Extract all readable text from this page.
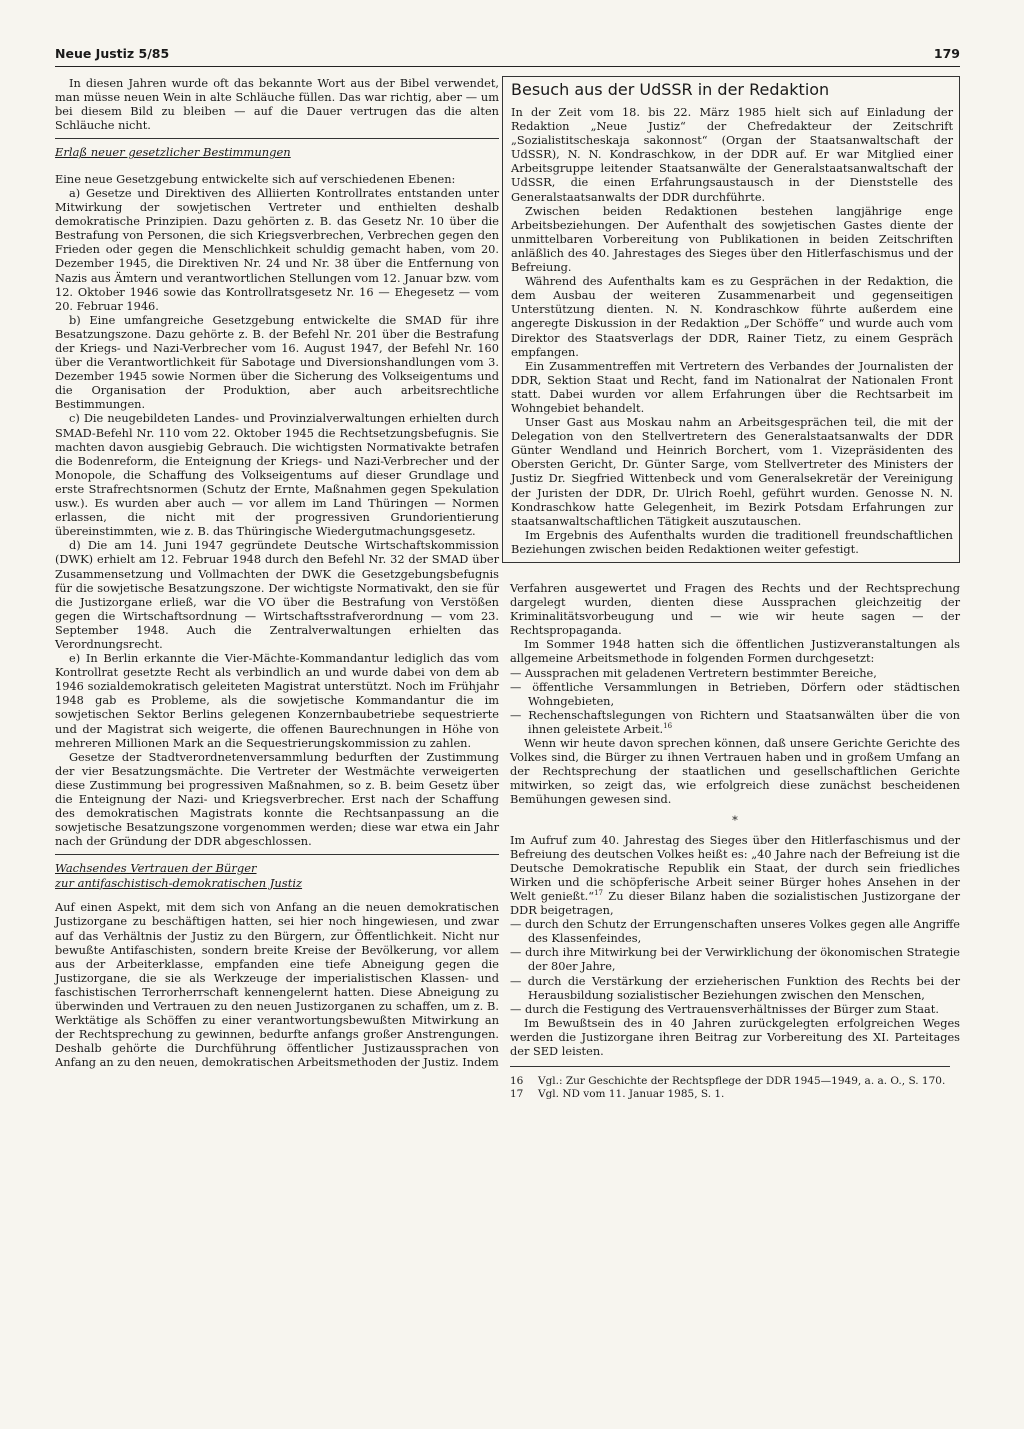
Neue Justiz 5/85	179

In diesen Jahren wurde oft das bekannte Wort aus der Bibel verwendet, man müsse neuen Wein in alte Schläuche füllen. Das war richtig, aber — um bei diesem Bild zu bleiben — auf die Dauer vertrugen das die alten Schläuche nicht.

Erlaß neuer gesetzlicher Bestimmungen

Eine neue Gesetzgebung entwickelte sich auf verschiedenen Ebenen:

a) Gesetze und Direktiven des Alliierten Kontrollrates entstanden unter Mitwirkung der sowjetischen Vertreter und enthielten deshalb demokratische Prinzipien. Dazu gehörten z. B. das Gesetz Nr. 10 über die Bestrafung von Personen, die sich Kriegsverbrechen, Verbrechen gegen den Frieden oder gegen die Menschlichkeit schuldig gemacht haben, vom 20. Dezember 1945, die Direktiven Nr. 24 und Nr. 38 über die Entfernung von Nazis aus Ämtern und verantwortlichen Stellungen vom 12. Januar bzw. vom 12. Oktober 1946 sowie das Kontrollratsgesetz Nr. 16 — Ehegesetz — vom 20. Februar 1946.

b) Eine umfangreiche Gesetzgebung entwickelte die SMAD für ihre Besatzungszone. Dazu gehörte z. B. der Befehl Nr. 201 über die Bestrafung der Kriegs- und Nazi-Verbrecher vom 16. August 1947, der Befehl Nr. 160 über die Verantwortlichkeit für Sabotage und Diversionshandlungen vom 3. Dezember 1945 sowie Normen über die Sicherung des Volkseigentums und die Organisation der Produktion, aber auch arbeitsrechtliche Bestimmungen.

c) Die neugebildeten Landes- und Provinzialverwaltungen erhielten durch SMAD-Befehl Nr. 110 vom 22. Oktober 1945 die Rechtsetzungsbefugnis. Sie machten davon ausgiebig Gebrauch. Die wichtigsten Normativakte betrafen die Bodenreform, die Enteignung der Kriegs- und Nazi-Verbrecher und der Monopole, die Schaffung des Volkseigentums auf dieser Grundlage und erste Strafrechtsnormen (Schutz der Ernte, Maßnahmen gegen Spekulation usw.). Es wurden aber auch — vor allem im Land Thüringen — Normen erlassen, die nicht mit der progressiven Grundorientierung übereinstimmten, wie z. B. das Thüringische Wiedergutmachungsgesetz.

d) Die am 14. Juni 1947 gegründete Deutsche Wirtschaftskommission (DWK) erhielt am 12. Februar 1948 durch den Befehl Nr. 32 der SMAD über Zusammensetzung und Vollmachten der DWK die Gesetzgebungsbefugnis für die sowjetische Besatzungszone. Der wichtigste Normativakt, den sie für die Justizorgane erließ, war die VO über die Bestrafung von Verstößen gegen die Wirtschaftsordnung — Wirtschaftsstrafverordnung — vom 23. September 1948. Auch die Zentralverwaltungen erhielten das Verordnungsrecht.

e) In Berlin erkannte die Vier-Mächte-Kommandantur lediglich das vom Kontrollrat gesetzte Recht als verbindlich an und wurde dabei von dem ab 1946 sozialdemokratisch geleiteten Magistrat unterstützt. Noch im Frühjahr 1948 gab es Probleme, als die sowjetische Kommandantur die im sowjetischen Sektor Berlins gelegenen Konzernbaubetriebe sequestrierte und der Magistrat sich weigerte, die offenen Baurechnungen in Höhe von mehreren Millionen Mark an die Sequestrierungskommission zu zahlen.

Gesetze der Stadtverordnetenversammlung bedurften der Zustimmung der vier Besatzungsmächte. Die Vertreter der Westmächte verweigerten diese Zustimmung bei progressiven Maßnahmen, so z. B. beim Gesetz über die Enteignung der Nazi- und Kriegsverbrecher. Erst nach der Schaffung des demokratischen Magistrats konnte die Rechtsanpassung an die sowjetische Besatzungszone vorgenommen werden; diese war etwa ein Jahr nach der Gründung der DDR abgeschlossen.

Wachsendes Vertrauen der Bürger
zur antifaschistisch-demokratischen Justiz

Auf einen Aspekt, mit dem sich von Anfang an die neuen demokratischen Justizorgane zu beschäftigen hatten, sei hier noch hingewiesen, und zwar auf das Verhältnis der Justiz zu den Bürgern, zur Öffentlichkeit. Nicht nur bewußte Antifaschisten, sondern breite Kreise der Bevölkerung, vor allem aus der Arbeiterklasse, empfanden eine tiefe Abneigung gegen die Justizorgane, die sie als Werkzeuge der imperialistischen Klassen- und faschistischen Terrorherrschaft kennengelernt hatten. Diese Abneigung zu überwinden und Vertrauen zu den neuen Justizorganen zu schaffen, um z. B. Werktätige als Schöffen zu einer verantwortungsbewußten Mitwirkung an der Rechtsprechung zu gewinnen, bedurfte anfangs großer Anstrengungen. Deshalb gehörte die Durchführung öffentlicher Justizaussprachen von Anfang an zu den neuen, demokratischen Arbeitsmethoden der Justiz. Indem

Besuch aus der UdSSR in der Redaktion

In der Zeit vom 18. bis 22. März 1985 hielt sich auf Einladung der Redaktion „Neue Justiz“ der Chefredakteur der Zeitschrift „Sozialistitscheskaja sakonnost“ (Organ der Staatsanwaltschaft der UdSSR), N. N. Kondraschkow, in der DDR auf. Er war Mitglied einer Arbeitsgruppe leitender Staatsanwälte der Generalstaatsanwaltschaft der UdSSR, die einen Erfahrungsaustausch in der Dienststelle des Generalstaatsanwalts der DDR durchführte.

Zwischen beiden Redaktionen bestehen langjährige enge Arbeitsbeziehungen. Der Aufenthalt des sowjetischen Gastes diente der unmittelbaren Vorbereitung von Publikationen in beiden Zeitschriften anläßlich des 40. Jahrestages des Sieges über den Hitlerfaschismus und der Befreiung.

Während des Aufenthalts kam es zu Gesprächen in der Redaktion, die dem Ausbau der weiteren Zusammenarbeit und gegenseitigen Unterstützung dienten. N. N. Kondraschkow führte außerdem eine angeregte Diskussion in der Redaktion „Der Schöffe“ und wurde auch vom Direktor des Staatsverlags der DDR, Rainer Tietz, zu einem Gespräch empfangen.

Ein Zusammentreffen mit Vertretern des Verbandes der Journalisten der DDR, Sektion Staat und Recht, fand im Nationalrat der Nationalen Front statt. Dabei wurden vor allem Erfahrungen über die Rechtsarbeit im Wohngebiet behandelt.

Unser Gast aus Moskau nahm an Arbeitsgesprächen teil, die mit der Delegation von den Stellvertretern des Generalstaatsanwalts der DDR Günter Wendland und Heinrich Borchert, vom 1. Vizepräsidenten des Obersten Gericht, Dr. Günter Sarge, vom Stellvertreter des Ministers der Justiz Dr. Siegfried Wittenbeck und vom Generalsekretär der Vereinigung der Juristen der DDR, Dr. Ulrich Roehl, geführt wurden. Genosse N. N. Kondraschkow hatte Gelegenheit, im Bezirk Potsdam Erfahrungen zur staatsanwaltschaftlichen Tätigkeit auszutauschen.

Im Ergebnis des Aufenthalts wurden die traditionell freundschaftlichen Beziehungen zwischen beiden Redaktionen weiter gefestigt.

Verfahren ausgewertet und Fragen des Rechts und der Rechtsprechung dargelegt wurden, dienten diese Aussprachen gleichzeitig der Kriminalitätsvorbeugung und — wie wir heute sagen — der Rechtspropaganda.

Im Sommer 1948 hatten sich die öffentlichen Justizveranstaltungen als allgemeine Arbeitsmethode in folgenden Formen durchgesetzt:

— Aussprachen mit geladenen Vertretern bestimmter Bereiche,

— öffentliche Versammlungen in Betrieben, Dörfern oder städtischen Wohngebieten,

— Rechenschaftslegungen von Richtern und Staatsanwälten über die von ihnen geleistete Arbeit.$^{16}$

Wenn wir heute davon sprechen können, daß unsere Gerichte Gerichte des Volkes sind, die Bürger zu ihnen Vertrauen haben und in großem Umfang an der Rechtsprechung der staatlichen und gesellschaftlichen Gerichte mitwirken, so zeigt das, wie erfolgreich diese zunächst bescheidenen Bemühungen gewesen sind.

*

Im Aufruf zum 40. Jahrestag des Sieges über den Hitlerfaschismus und der Befreiung des deutschen Volkes heißt es: „40 Jahre nach der Befreiung ist die Deutsche Demokratische Republik ein Staat, der durch sein friedliches Wirken und die schöpferische Arbeit seiner Bürger hohes Ansehen in der Welt genießt.“$^{17}$ Zu dieser Bilanz haben die sozialistischen Justizorgane der DDR beigetragen,

— durch den Schutz der Errungenschaften unseres Volkes gegen alle Angriffe des Klassenfeindes,

— durch ihre Mitwirkung bei der Verwirklichung der ökonomischen Strategie der 80er Jahre,

— durch die Verstärkung der erzieherischen Funktion des Rechts bei der Herausbildung sozialistischer Beziehungen zwischen den Menschen,

— durch die Festigung des Vertrauensverhältnisses der Bürger zum Staat.

Im Bewußtsein des in 40 Jahren zurückgelegten erfolgreichen Weges werden die Justizorgane ihren Beitrag zur Vorbereitung des XI. Parteitages der SED leisten.

16 Vgl.: Zur Geschichte der Rechtspflege der DDR 1945—1949, a. a. O., S. 170.

17 Vgl. ND vom 11. Januar 1985, S. 1.
